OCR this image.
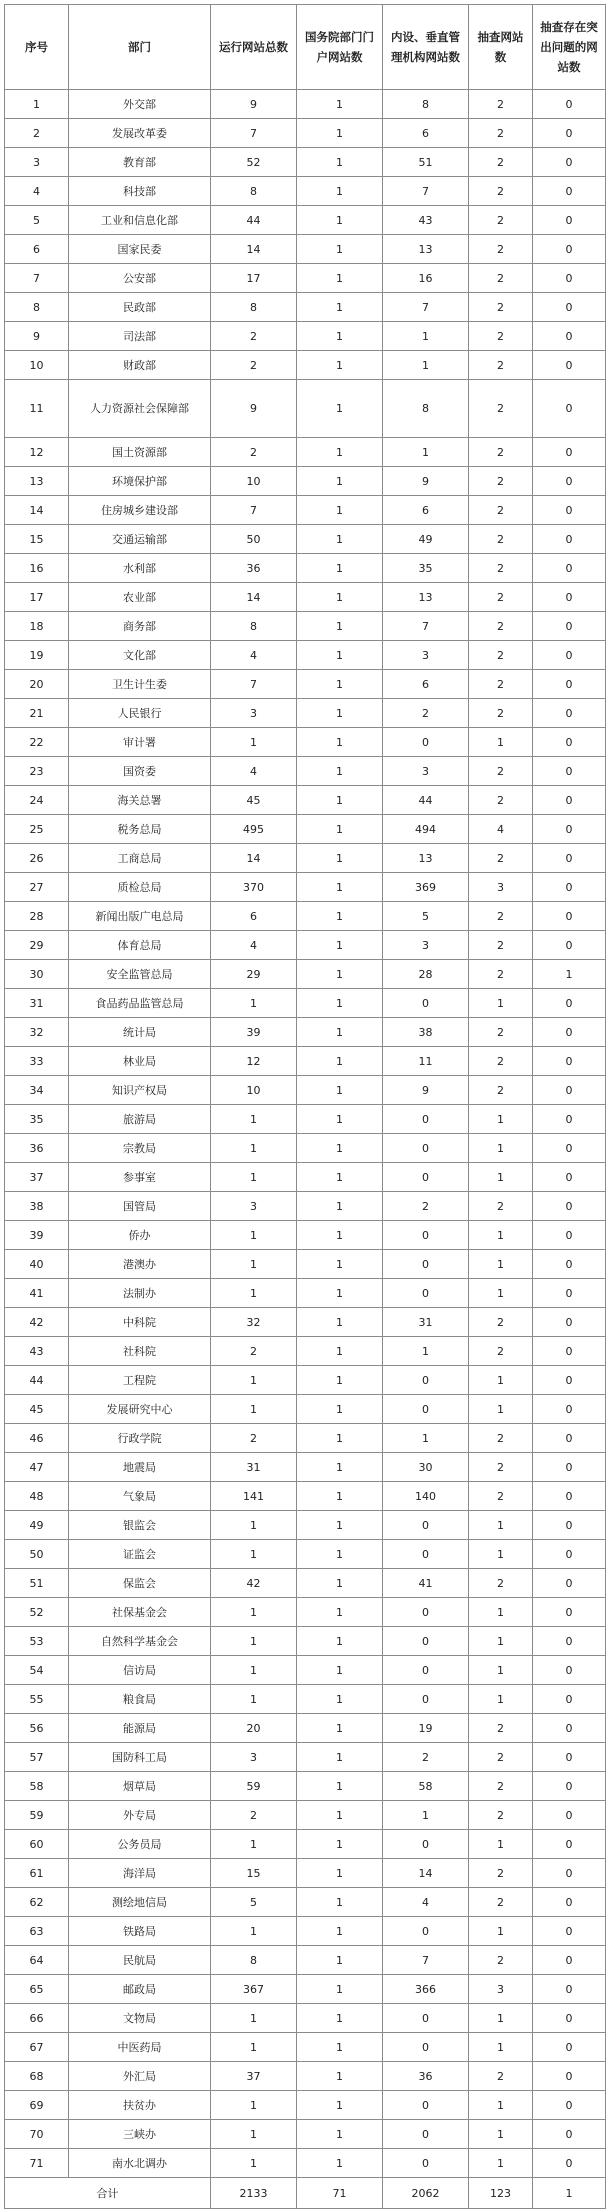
序号	部门	运行网站总数	国务院部门门户网站数	内设、垂直管理机构网站数	抽查网站数	抽查存在突出问题的网站数
1	外交部	9	1	8	2	0
2	发展改革委	7	1	6	2	0
3	教育部	52	1	51	2	0
4	科技部	8	1	7	2	0
5	工业和信息化部	44	1	43	2	0
6	国家民委	14	1	13	2	0
7	公安部	17	1	16	2	0
8	民政部	8	1	7	2	0
9	司法部	2	1	1	2	0
10	财政部	2	1	1	2	0
11	人力资源社会保障部	9	1	8	2	0
12	国土资源部	2	1	1	2	0
13	环境保护部	10	1	9	2	0
14	住房城乡建设部	7	1	6	2	0
15	交通运输部	50	1	49	2	0
16	水利部	36	1	35	2	0
17	农业部	14	1	13	2	0
18	商务部	8	1	7	2	0
19	文化部	4	1	3	2	0
20	卫生计生委	7	1	6	2	0
21	人民银行	3	1	2	2	0
22	审计署	1	1	0	1	0
23	国资委	4	1	3	2	0
24	海关总署	45	1	44	2	0
25	税务总局	495	1	494	4	0
26	工商总局	14	1	13	2	0
27	质检总局	370	1	369	3	0
28	新闻出版广电总局	6	1	5	2	0
29	体育总局	4	1	3	2	0
30	安全监管总局	29	1	28	2	1
31	食品药品监管总局	1	1	0	1	0
32	统计局	39	1	38	2	0
33	林业局	12	1	11	2	0
34	知识产权局	10	1	9	2	0
35	旅游局	1	1	0	1	0
36	宗教局	1	1	0	1	0
37	参事室	1	1	0	1	0
38	国管局	3	1	2	2	0
39	侨办	1	1	0	1	0
40	港澳办	1	1	0	1	0
41	法制办	1	1	0	1	0
42	中科院	32	1	31	2	0
43	社科院	2	1	1	2	0
44	工程院	1	1	0	1	0
45	发展研究中心	1	1	0	1	0
46	行政学院	2	1	1	2	0
47	地震局	31	1	30	2	0
48	气象局	141	1	140	2	0
49	银监会	1	1	0	1	0
50	证监会	1	1	0	1	0
51	保监会	42	1	41	2	0
52	社保基金会	1	1	0	1	0
53	自然科学基金会	1	1	0	1	0
54	信访局	1	1	0	1	0
55	粮食局	1	1	0	1	0
56	能源局	20	1	19	2	0
57	国防科工局	3	1	2	2	0
58	烟草局	59	1	58	2	0
59	外专局	2	1	1	2	0
60	公务员局	1	1	0	1	0
61	海洋局	15	1	14	2	0
62	测绘地信局	5	1	4	2	0
63	铁路局	1	1	0	1	0
64	民航局	8	1	7	2	0
65	邮政局	367	1	366	3	0
66	文物局	1	1	0	1	0
67	中医药局	1	1	0	1	0
68	外汇局	37	1	36	2	0
69	扶贫办	1	1	0	1	0
70	三峡办	1	1	0	1	0
71	南水北调办	1	1	0	1	0
合计		2133	71	2062	123	1
